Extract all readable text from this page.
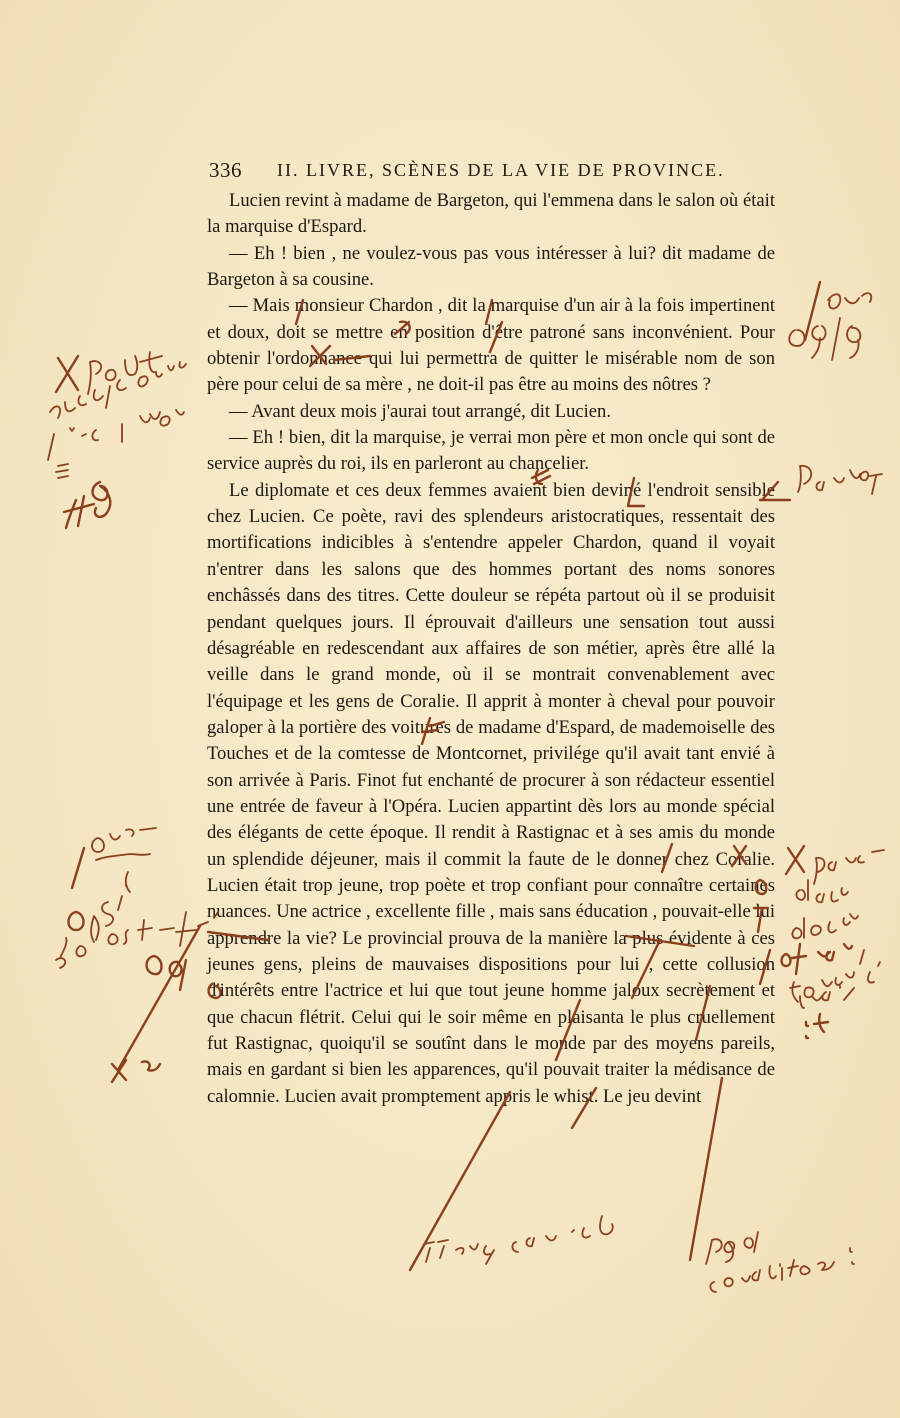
336 II. LIVRE, SCÈNES DE LA VIE DE PROVINCE.

Lucien revint à madame de Bargeton, qui l'emmena dans le salon où était la marquise d'Espard.

— Eh ! bien , ne voulez-vous pas vous intéresser à lui? dit madame de Bargeton à sa cousine.

— Mais monsieur Chardon , dit la marquise d'un air à la fois impertinent et doux, doit se mettre en position d'être patroné sans inconvénient. Pour obtenir l'ordonnance qui lui permettra de quitter le misérable nom de son père pour celui de sa mère , ne doit-il pas être au moins des nôtres ?

— Avant deux mois j'aurai tout arrangé, dit Lucien.

— Eh ! bien, dit la marquise, je verrai mon père et mon oncle qui sont de service auprès du roi, ils en parleront au chancelier.

Le diplomate et ces deux femmes avaient bien deviné l'endroit sensible chez Lucien. Ce poète, ravi des splendeurs aristocratiques, ressentait des mortifications indicibles à s'entendre appeler Chardon, quand il voyait n'entrer dans les salons que des hommes portant des noms sonores enchâssés dans des titres. Cette douleur se répéta partout où il se produisit pendant quelques jours. Il éprouvait d'ailleurs une sensation tout aussi désagréable en redescendant aux affaires de son métier, après être allé la veille dans le grand monde, où il se montrait convenablement avec l'équipage et les gens de Coralie. Il apprit à monter à cheval pour pouvoir galoper à la portière des voitures de madame d'Espard, de mademoiselle des Touches et de la comtesse de Montcornet, privilége qu'il avait tant envié à son arrivée à Paris. Finot fut enchanté de procurer à son rédacteur essentiel une entrée de faveur à l'Opéra. Lucien appartint dès lors au monde spécial des élégants de cette époque. Il rendit à Rastignac et à ses amis du monde un splendide déjeuner, mais il commit la faute de le donner chez Coralie. Lucien était trop jeune, trop poète et trop confiant pour connaître certaines nuances. Une actrice , excellente fille , mais sans éducation , pouvait-elle lui apprendre la vie? Le provincial prouva de la manière la plus évidente à ces jeunes gens, pleins de mauvaises dispositions pour lui , cette collusion d'intérêts entre l'actrice et lui que tout jeune homme jaloux secrètement et que chacun flétrit. Celui qui le soir même en plaisanta le plus cruellement fut Rastignac, quoiqu'il se soutînt dans le monde par des moyens pareils, mais en gardant si bien les apparences, qu'il pouvait traiter la médisance de calomnie. Lucien avait promptement appris le whist. Le jeu devint
